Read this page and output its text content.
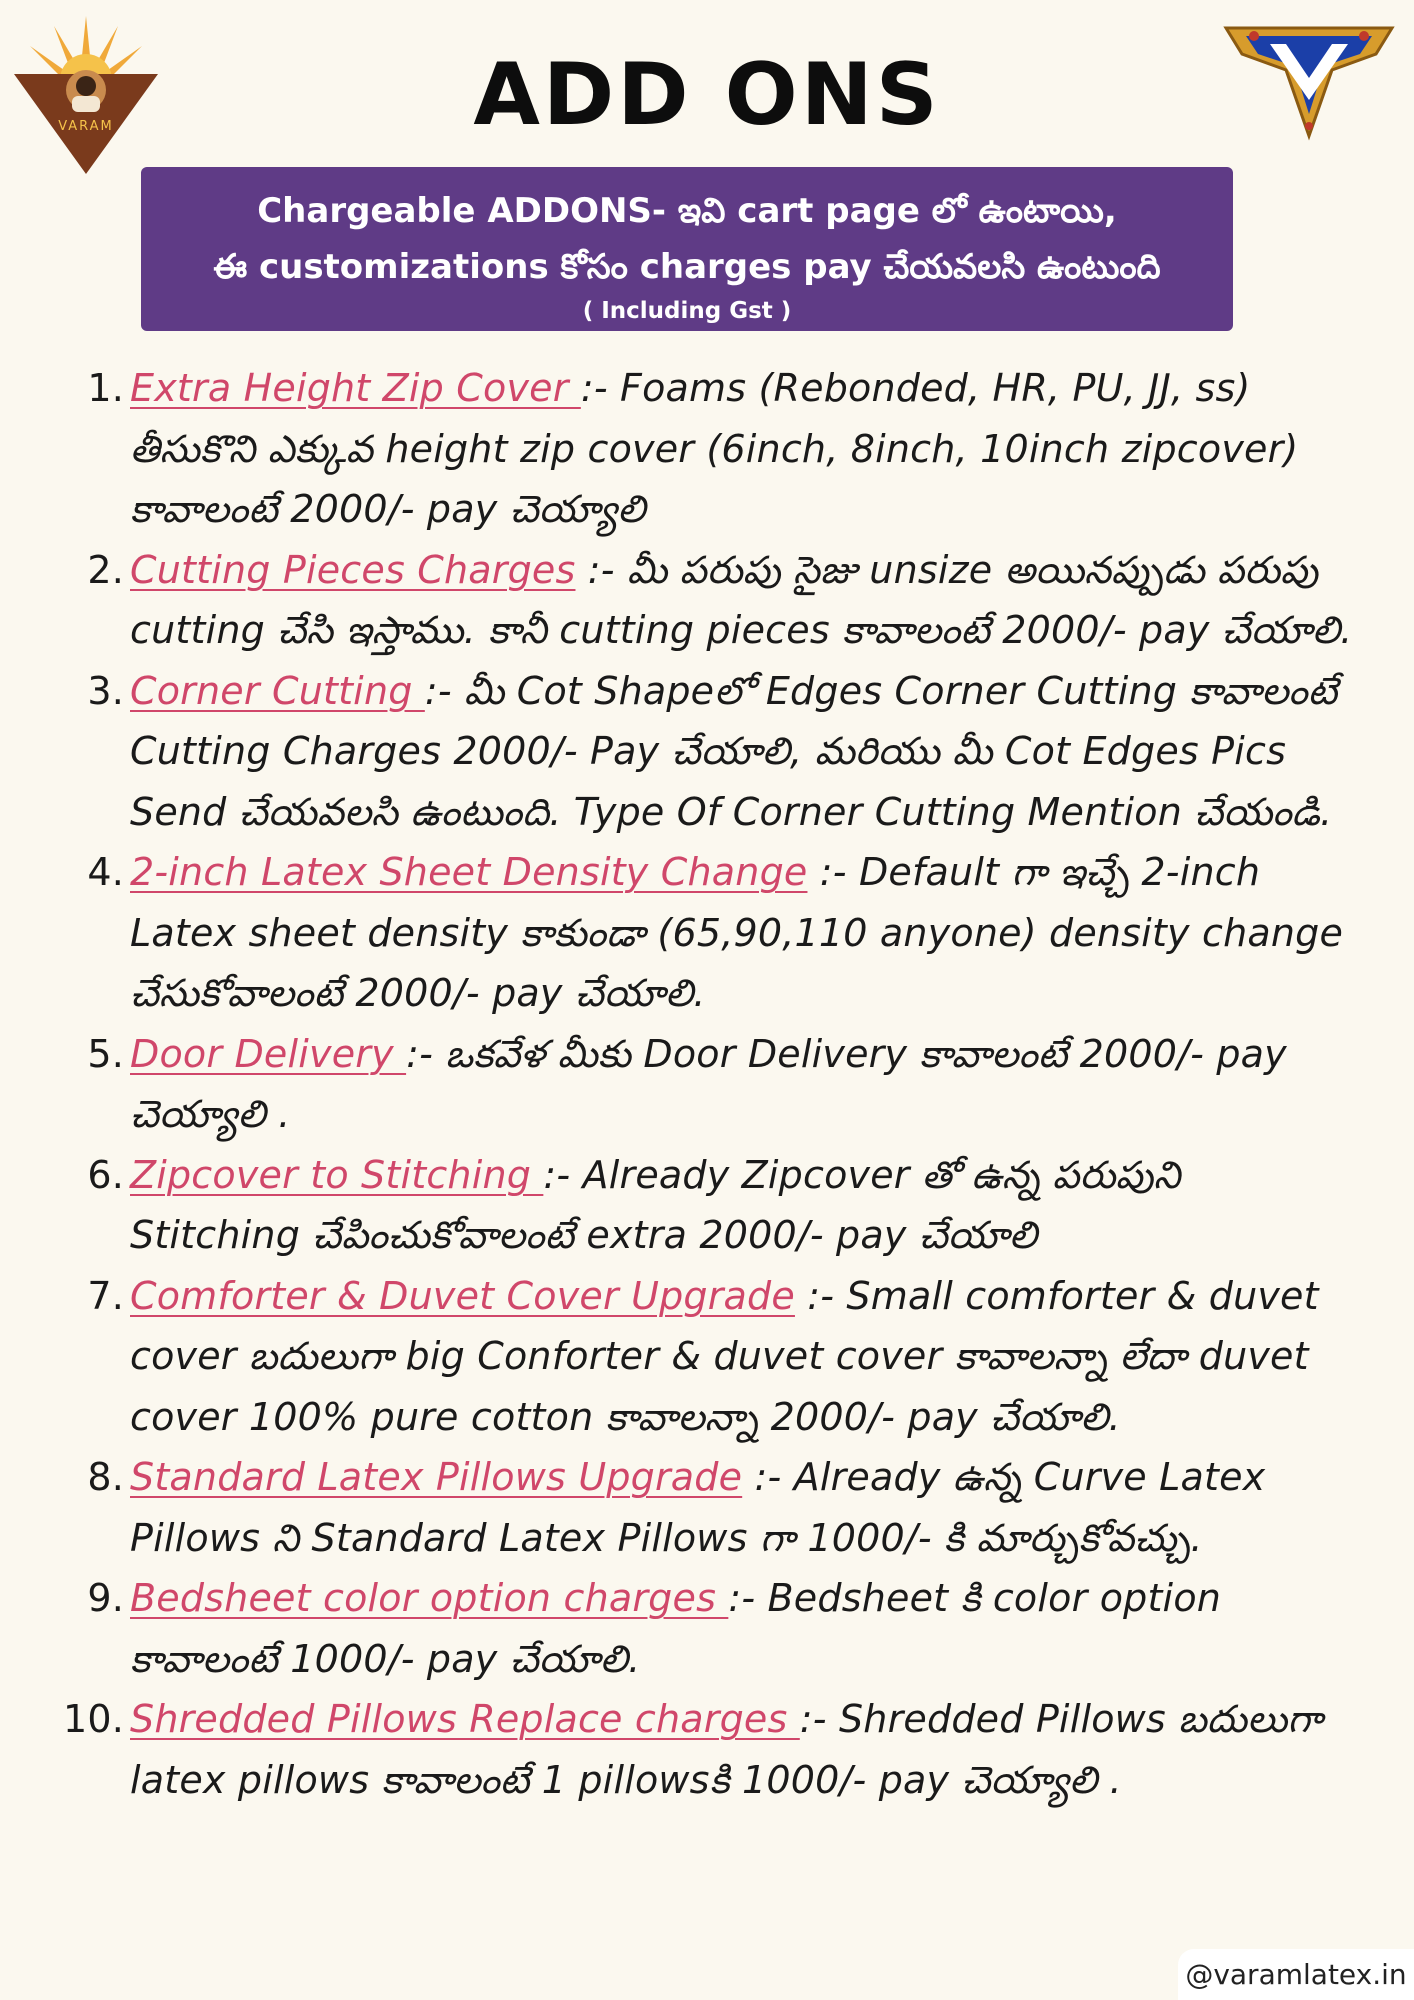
VARAM	ADD ONS
Chargeable ADDONS- ఇవి cart page లో ఉంటాయి,
ఈ customizations కోసం charges pay చేయవలసి ఉంటుంది
( Including Gst )
1. Extra Height Zip Cover :- Foams (Rebonded, HR, PU, JJ, ss) తీసుకొని ఎక్కువ height zip cover (6inch, 8inch, 10inch zipcover) కావాలంటే 2000/- pay చెయ్యాలి
2. Cutting Pieces Charges :- మీ పరుపు సైజు unsize అయినప్పుడు పరుపు cutting చేసి ఇస్తాము. కానీ cutting pieces కావాలంటే 2000/- pay చేయాలి.
3. Corner Cutting :- మీ Cot Shapeలో Edges Corner Cutting కావాలంటే Cutting Charges 2000/- Pay చేయాలి, మరియు మీ Cot Edges Pics Send చేయవలసి ఉంటుంది. Type Of Corner Cutting Mention చేయండి.
4. 2-inch Latex Sheet Density Change :- Default గా ఇచ్చే 2-inch Latex sheet density కాకుండా (65,90,110 anyone) density change చేసుకోవాలంటే 2000/- pay చేయాలి.
5. Door Delivery :- ఒకవేళ మీకు Door Delivery కావాలంటే 2000/- pay చెయ్యాలి .
6. Zipcover to Stitching :- Already Zipcover తో ఉన్న పరుపుని Stitching చేపించుకోవాలంటే extra 2000/- pay చేయాలి
7. Comforter & Duvet Cover Upgrade :- Small comforter & duvet cover బదులుగా big Conforter & duvet cover కావాలన్నా లేదా duvet cover 100% pure cotton కావాలన్నా 2000/- pay చేయాలి.
8. Standard Latex Pillows Upgrade :- Already ఉన్న Curve Latex Pillows ని Standard Latex Pillows గా 1000/- కి మార్చుకోవచ్చు.
9. Bedsheet color option charges :- Bedsheet కి color option కావాలంటే 1000/- pay చేయాలి.
10. Shredded Pillows Replace charges :- Shredded Pillows బదులుగా latex pillows కావాలంటే 1 pillowsకి 1000/- pay చెయ్యాలి .
@varamlatex.in
